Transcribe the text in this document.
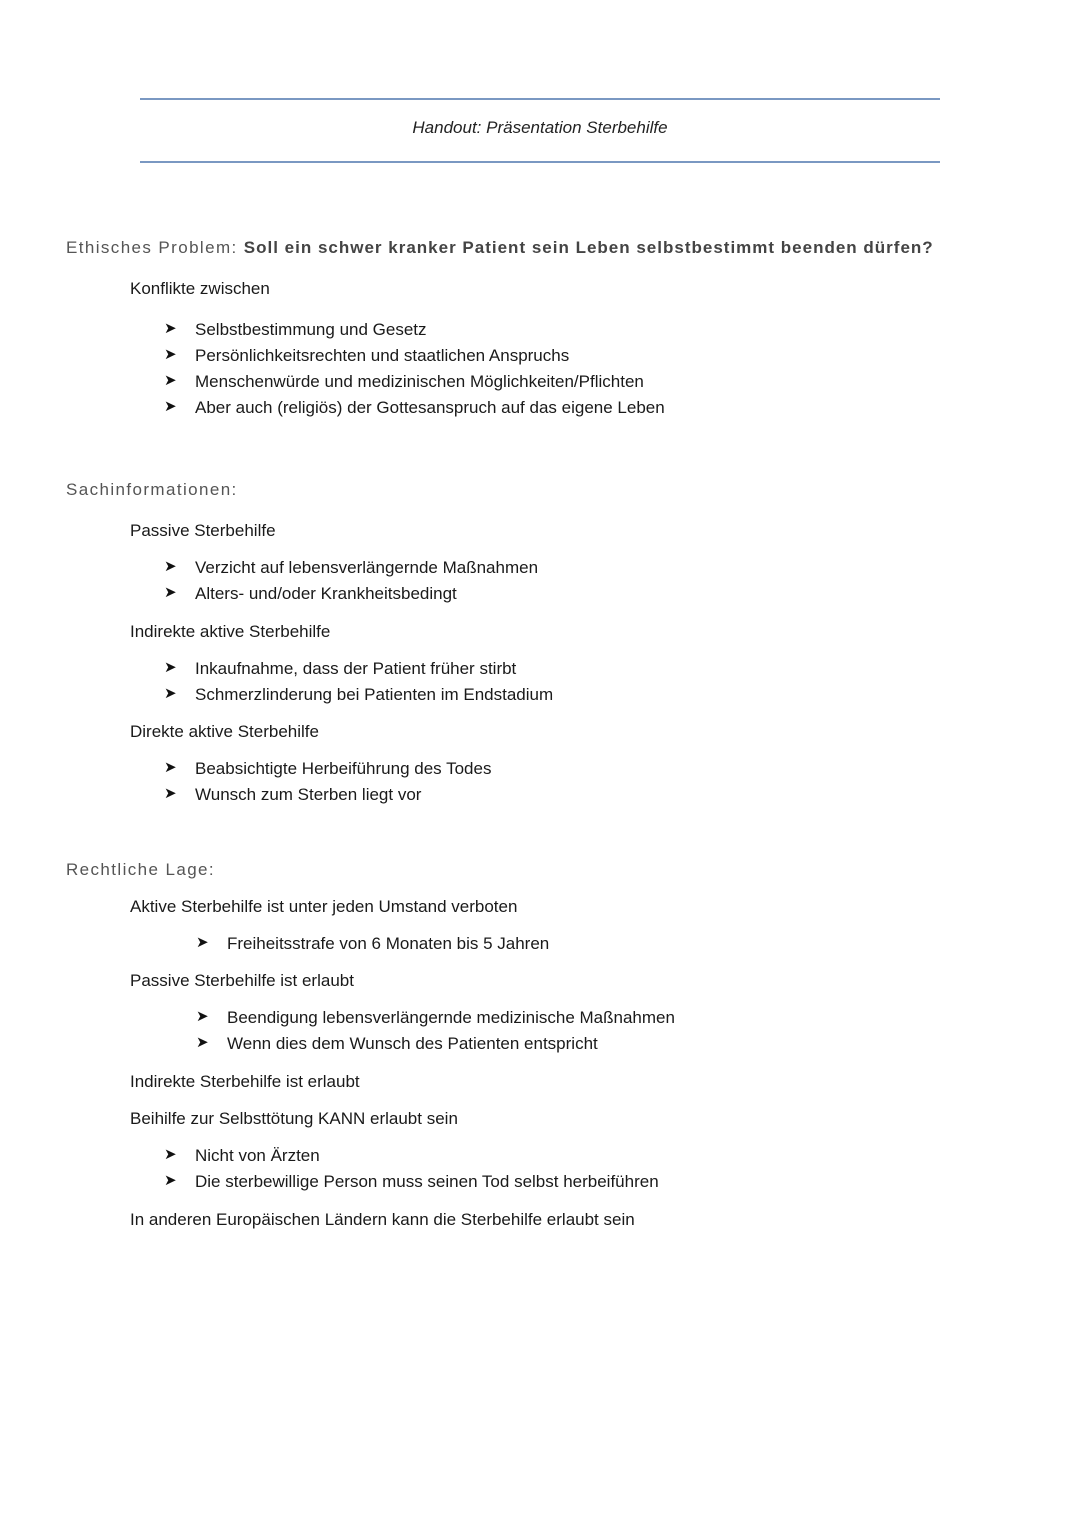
Handout: Präsentation Sterbehilfe
Ethisches Problem: Soll ein schwer kranker Patient sein Leben selbstbestimmt beenden dürfen?
Konflikte zwischen
➤ Selbstbestimmung und Gesetz
➤ Persönlichkeitsrechten und staatlichen Anspruchs
➤ Menschenwürde und medizinischen Möglichkeiten/Pflichten
➤ Aber auch (religiös) der Gottesanspruch auf das eigene Leben
Sachinformationen:
Passive Sterbehilfe
➤ Verzicht auf lebensverlängernde Maßnahmen
➤ Alters- und/oder Krankheitsbedingt
Indirekte aktive Sterbehilfe
➤ Inkaufnahme, dass der Patient früher stirbt
➤ Schmerzlinderung bei Patienten im Endstadium
Direkte aktive Sterbehilfe
➤ Beabsichtigte Herbeiführung des Todes
➤ Wunsch zum Sterben liegt vor
Rechtliche Lage:
Aktive Sterbehilfe ist unter jeden Umstand verboten
➤ Freiheitsstrafe von 6 Monaten bis 5 Jahren
Passive Sterbehilfe ist erlaubt
➤ Beendigung lebensverlängernde medizinische Maßnahmen
➤ Wenn dies dem Wunsch des Patienten entspricht
Indirekte Sterbehilfe ist erlaubt
Beihilfe zur Selbsttötung KANN erlaubt sein
➤ Nicht von Ärzten
➤ Die sterbewillige Person muss seinen Tod selbst herbeiführen
In anderen Europäischen Ländern kann die Sterbehilfe erlaubt sein
